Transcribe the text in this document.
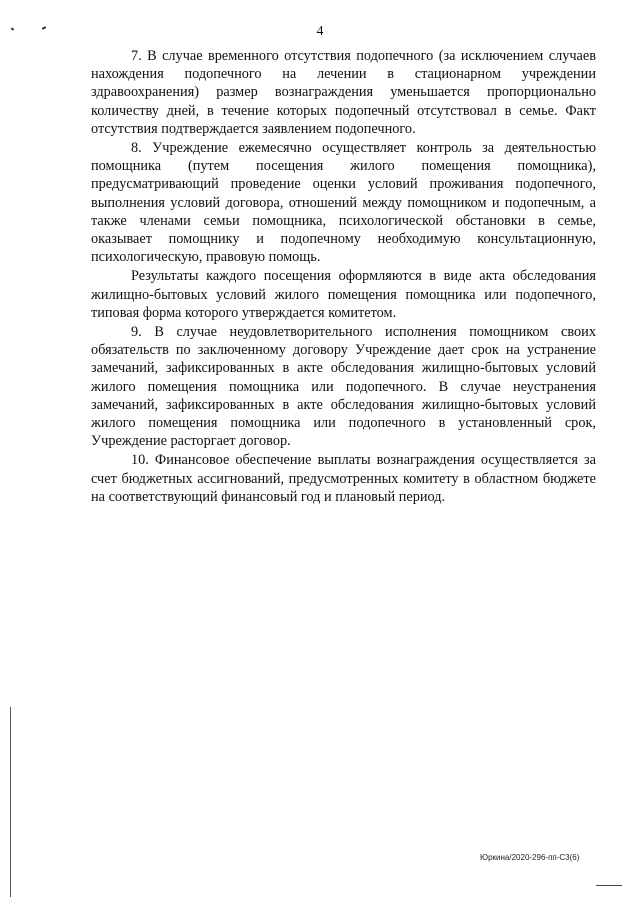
4

7. В случае временного отсутствия подопечного (за исключением случаев нахождения подопечного на лечении в стационарном учреждении здравоохранения) размер вознаграждения уменьшается пропорционально количеству дней, в течение которых подопечный отсутствовал в семье. Факт отсутствия подтверждается заявлением подопечного.

8. Учреждение ежемесячно осуществляет контроль за деятельностью помощника (путем посещения жилого помещения помощника), предусматривающий проведение оценки условий проживания подопечного, выполнения условий договора, отношений между помощником и подопечным, а также членами семьи помощника, психологической обстановки в семье, оказывает помощнику и подопечному необходимую консультационную, психологическую, правовую помощь.

Результаты каждого посещения оформляются в виде акта обследования жилищно-бытовых условий жилого помещения помощника или подопечного, типовая форма которого утверждается комитетом.

9. В случае неудовлетворительного исполнения помощником своих обязательств по заключенному договору Учреждение дает срок на устранение замечаний, зафиксированных в акте обследования жилищно-бытовых условий жилого помещения помощника или подопечного. В случае неустранения замечаний, зафиксированных в акте обследования жилищно-бытовых условий жилого помещения помощника или подопечного в установленный срок, Учреждение расторгает договор.

10. Финансовое обеспечение выплаты вознаграждения осуществляется за счет бюджетных ассигнований, предусмотренных комитету в областном бюджете на соответствующий финансовый год и плановый период.

Юркина/2020-296-пп-С3(6)
